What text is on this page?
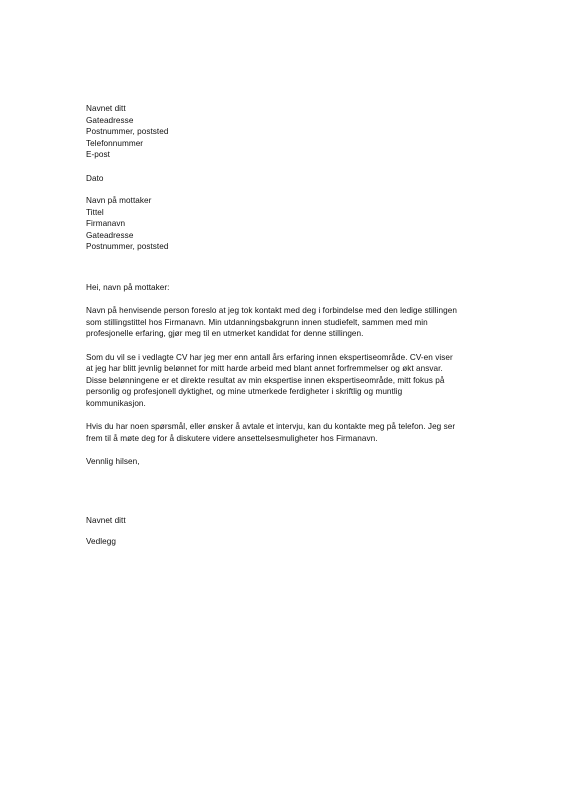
Navnet ditt
Gateadresse
Postnummer, poststed
Telefonnummer
E-post
Dato
Navn på mottaker
Tittel
Firmanavn
Gateadresse
Postnummer, poststed
Hei, navn på mottaker:

Navn på henvisende person foreslo at jeg tok kontakt med deg i forbindelse med den ledige stillingen
som stillingstittel hos Firmanavn. Min utdanningsbakgrunn innen studiefelt, sammen med min
profesjonelle erfaring, gjør meg til en utmerket kandidat for denne stillingen.

Som du vil se i vedlagte CV har jeg mer enn antall års erfaring innen ekspertiseområde. CV-en viser
at jeg har blitt jevnlig belønnet for mitt harde arbeid med blant annet forfremmelser og økt ansvar.
Disse belønningene er et direkte resultat av min ekspertise innen ekspertiseområde, mitt fokus på
personlig og profesjonell dyktighet, og mine utmerkede ferdigheter i skriftlig og muntlig
kommunikasjon.

Hvis du har noen spørsmål, eller ønsker å avtale et intervju, kan du kontakte meg på telefon. Jeg ser
frem til å møte deg for å diskutere videre ansettelsesmuligheter hos Firmanavn.

Vennlig hilsen,
Navnet ditt
Vedlegg
